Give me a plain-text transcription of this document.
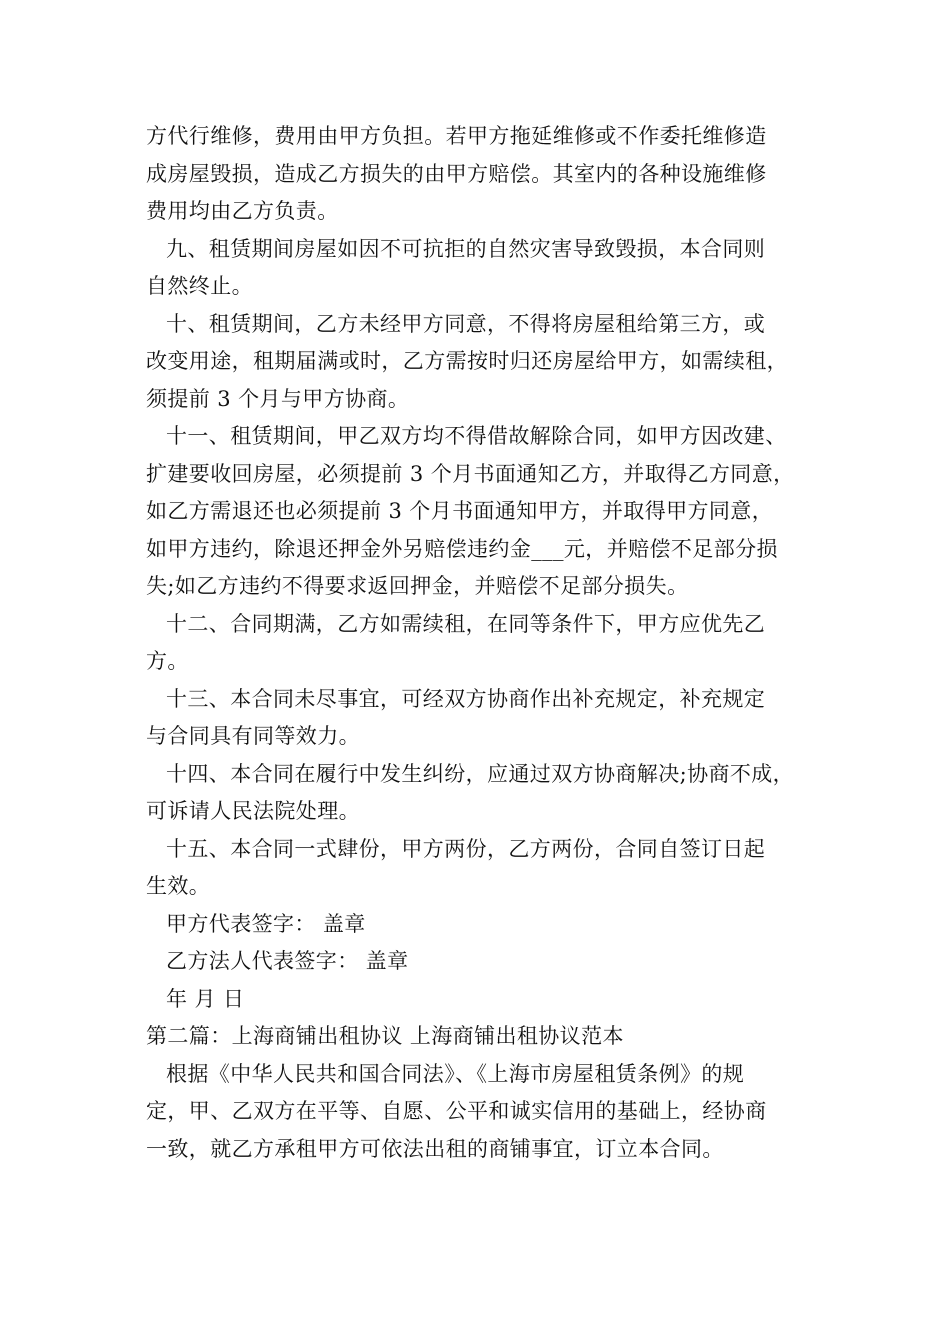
方代行维修，费用由甲方负担。若甲方拖延维修或不作委托维修造
成房屋毁损，造成乙方损失的由甲方赔偿。其室内的各种设施维修
费用均由乙方负责。
九、租赁期间房屋如因不可抗拒的自然灾害导致毁损，本合同则
自然终止。
十、租赁期间，乙方未经甲方同意，不得将房屋租给第三方，或
改变用途，租期届满或时，乙方需按时归还房屋给甲方，如需续租，
须提前 3 个月与甲方协商。
十一、租赁期间，甲乙双方均不得借故解除合同，如甲方因改建、
扩建要收回房屋，必须提前 3 个月书面通知乙方，并取得乙方同意，
如乙方需退还也必须提前 3 个月书面通知甲方，并取得甲方同意，
如甲方违约，除退还押金外另赔偿违约金___元，并赔偿不足部分损
失;如乙方违约不得要求返回押金，并赔偿不足部分损失。
十二、合同期满，乙方如需续租，在同等条件下，甲方应优先乙
方。
十三、本合同未尽事宜，可经双方协商作出补充规定，补充规定
与合同具有同等效力。
十四、本合同在履行中发生纠纷，应通过双方协商解决;协商不成，
可诉请人民法院处理。
十五、本合同一式肆份，甲方两份，乙方两份，合同自签订日起
生效。
甲方代表签字： 盖章
乙方法人代表签字： 盖章
年 月 日
第二篇：上海商铺出租协议 上海商铺出租协议范本
根据《中华人民共和国合同法》、《上海市房屋租赁条例》的规
定，甲、乙双方在平等、自愿、公平和诚实信用的基础上，经协商
一致，就乙方承租甲方可依法出租的商铺事宜，订立本合同。
